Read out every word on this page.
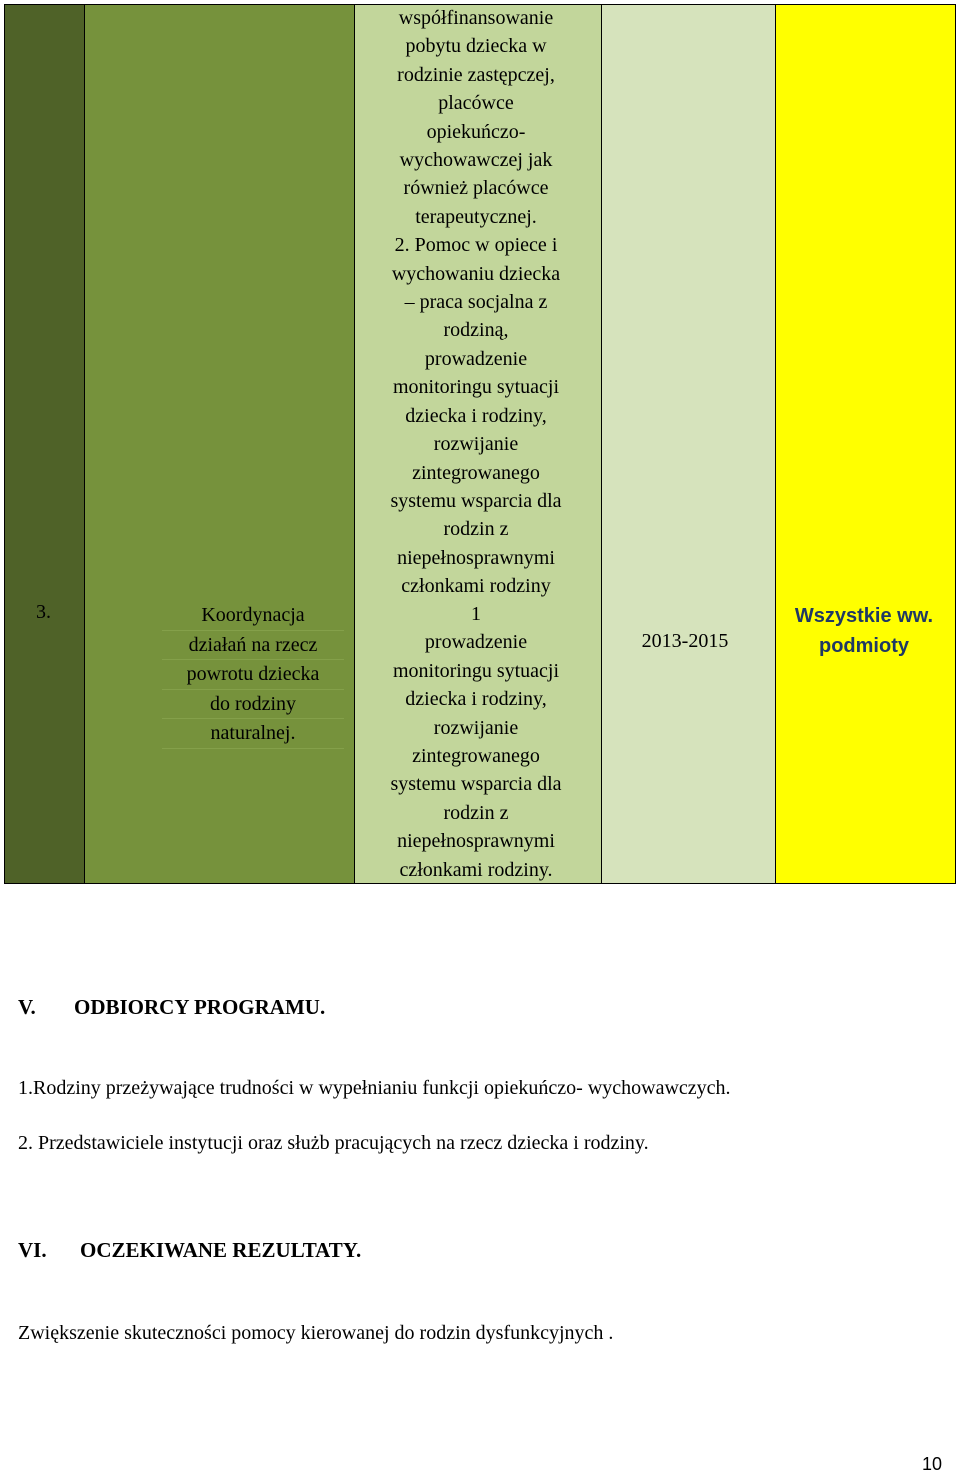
3.	Koordynacja
działań na rzecz
powrotu dziecka
do rodziny
naturalnej.
współfinansowanie
pobytu dziecka w
rodzinie zastępczej,
placówce
opiekuńczo-
wychowawczej jak
również placówce
terapeutycznej.
2. Pomoc w opiece i
wychowaniu dziecka
– praca socjalna z
rodziną,
prowadzenie
monitoringu sytuacji
dziecka i rodziny,
rozwijanie
zintegrowanego
systemu wsparcia dla
rodzin z
niepełnosprawnymi
członkami rodziny
1
prowadzenie
monitoringu sytuacji
dziecka i rodziny,
rozwijanie
zintegrowanego
systemu wsparcia dla
rodzin z
niepełnosprawnymi
członkami rodziny.
2013-2015
Wszystkie ww.
podmioty
V. ODBIORCY PROGRAMU.
1.Rodziny przeżywające trudności w wypełnianiu funkcji opiekuńczo- wychowawczych.
2. Przedstawiciele instytucji oraz służb pracujących na rzecz dziecka i rodziny.
VI. OCZEKIWANE REZULTATY.
Zwiększenie skuteczności pomocy kierowanej do rodzin dysfunkcyjnych .
10
